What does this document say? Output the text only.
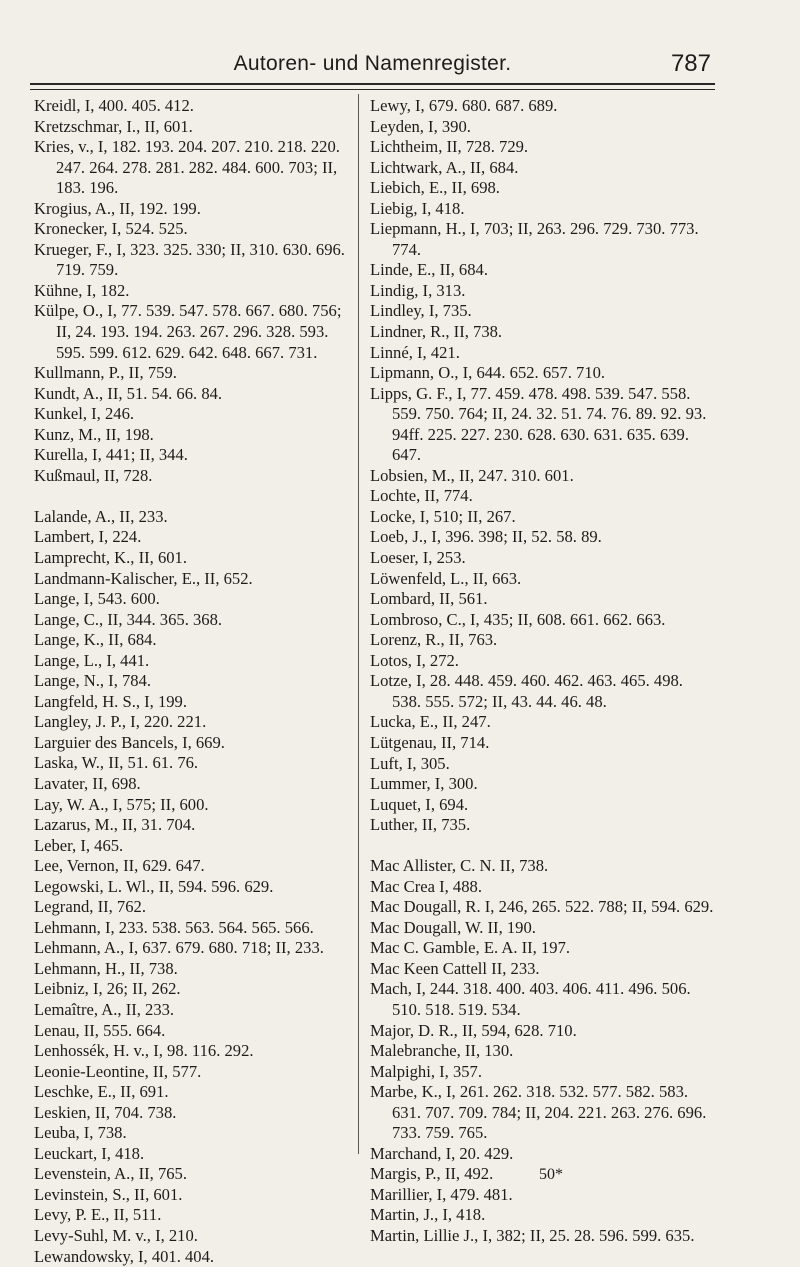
Autoren- und Namenregister.	787

Kreidl, I, 400. 405. 412.

Kretzschmar, I., II, 601.

Kries, v., I, 182. 193. 204. 207. 210. 218. 220. 247. 264. 278. 281. 282. 484. 600. 703; II, 183. 196.

Krogius, A., II, 192. 199.

Kronecker, I, 524. 525.

Krueger, F., I, 323. 325. 330; II, 310. 630. 696. 719. 759.

Kühne, I, 182.

Külpe, O., I, 77. 539. 547. 578. 667. 680. 756; II, 24. 193. 194. 263. 267. 296. 328. 593. 595. 599. 612. 629. 642. 648. 667. 731.

Kullmann, P., II, 759.

Kundt, A., II, 51. 54. 66. 84.

Kunkel, I, 246.

Kunz, M., II, 198.

Kurella, I, 441; II, 344.

Kußmaul, II, 728.

Lalande, A., II, 233.

Lambert, I, 224.

Lamprecht, K., II, 601.

Landmann-Kalischer, E., II, 652.

Lange, I, 543. 600.

Lange, C., II, 344. 365. 368.

Lange, K., II, 684.

Lange, L., I, 441.

Lange, N., I, 784.

Langfeld, H. S., I, 199.

Langley, J. P., I, 220. 221.

Larguier des Bancels, I, 669.

Laska, W., II, 51. 61. 76.

Lavater, II, 698.

Lay, W. A., I, 575; II, 600.

Lazarus, M., II, 31. 704.

Leber, I, 465.

Lee, Vernon, II, 629. 647.

Legowski, L. Wl., II, 594. 596. 629.

Legrand, II, 762.

Lehmann, I, 233. 538. 563. 564. 565. 566.

Lehmann, A., I, 637. 679. 680. 718; II, 233.

Lehmann, H., II, 738.

Leibniz, I, 26; II, 262.

Lemaître, A., II, 233.

Lenau, II, 555. 664.

Lenhossék, H. v., I, 98. 116. 292.

Leonie-Leontine, II, 577.

Leschke, E., II, 691.

Leskien, II, 704. 738.

Leuba, I, 738.

Leuckart, I, 418.

Levenstein, A., II, 765.

Levinstein, S., II, 601.

Levy, P. E., II, 511.

Levy-Suhl, M. v., I, 210.

Lewandowsky, I, 401. 404.

Lewy, I, 679. 680. 687. 689.

Leyden, I, 390.

Lichtheim, II, 728. 729.

Lichtwark, A., II, 684.

Liebich, E., II, 698.

Liebig, I, 418.

Liepmann, H., I, 703; II, 263. 296. 729. 730. 773. 774.

Linde, E., II, 684.

Lindig, I, 313.

Lindley, I, 735.

Lindner, R., II, 738.

Linné, I, 421.

Lipmann, O., I, 644. 652. 657. 710.

Lipps, G. F., I, 77. 459. 478. 498. 539. 547. 558. 559. 750. 764; II, 24. 32. 51. 74. 76. 89. 92. 93. 94ff. 225. 227. 230. 628. 630. 631. 635. 639. 647.

Lobsien, M., II, 247. 310. 601.

Lochte, II, 774.

Locke, I, 510; II, 267.

Loeb, J., I, 396. 398; II, 52. 58. 89.

Loeser, I, 253.

Löwenfeld, L., II, 663.

Lombard, II, 561.

Lombroso, C., I, 435; II, 608. 661. 662. 663.

Lorenz, R., II, 763.

Lotos, I, 272.

Lotze, I, 28. 448. 459. 460. 462. 463. 465. 498. 538. 555. 572; II, 43. 44. 46. 48.

Lucka, E., II, 247.

Lütgenau, II, 714.

Luft, I, 305.

Lummer, I, 300.

Luquet, I, 694.

Luther, II, 735.

Mac Allister, C. N. II, 738.

Mac Crea I, 488.

Mac Dougall, R. I, 246, 265. 522. 788; II, 594. 629.

Mac Dougall, W. II, 190.

Mac C. Gamble, E. A. II, 197.

Mac Keen Cattell II, 233.

Mach, I, 244. 318. 400. 403. 406. 411. 496. 506. 510. 518. 519. 534.

Major, D. R., II, 594, 628. 710.

Malebranche, II, 130.

Malpighi, I, 357.

Marbe, K., I, 261. 262. 318. 532. 577. 582. 583. 631. 707. 709. 784; II, 204. 221. 263. 276. 696. 733. 759. 765.

Marchand, I, 20. 429.

Margis, P., II, 492.

Marillier, I, 479. 481.

Martin, J., I, 418.

Martin, Lillie J., I, 382; II, 25. 28. 596. 599. 635.

50*
